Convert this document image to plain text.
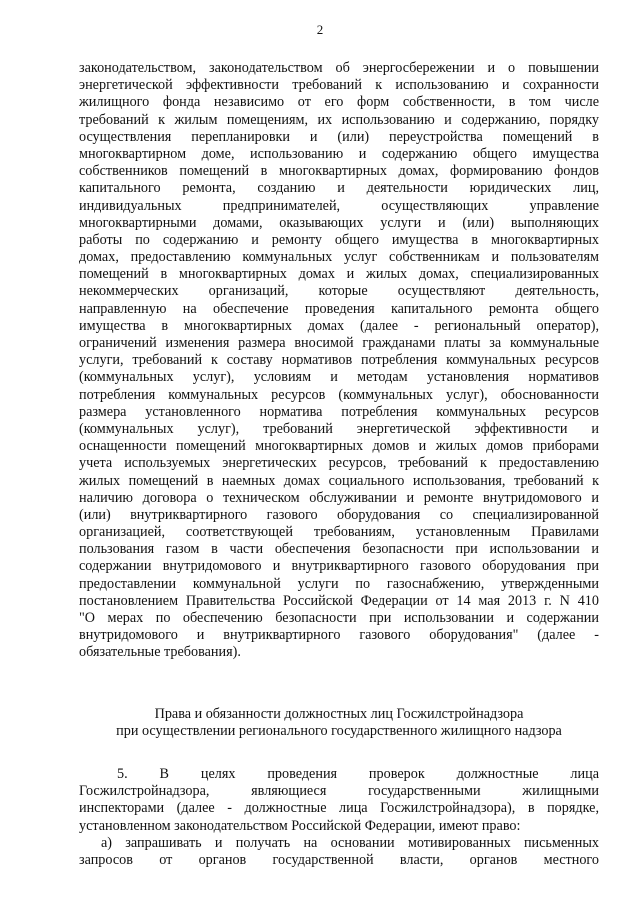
2
законодательством, законодательством об энергосбережении и о повышении
энергетической эффективности требований к использованию и сохранности
жилищного фонда независимо от его форм собственности, в том числе
требований к жилым помещениям, их использованию и содержанию, порядку
осуществления перепланировки и (или) переустройства помещений в
многоквартирном доме, использованию и содержанию общего имущества
собственников помещений в многоквартирных домах, формированию фондов
капитального ремонта, созданию и деятельности юридических лиц,
индивидуальных предпринимателей, осуществляющих управление
многоквартирными домами, оказывающих услуги и (или) выполняющих
работы по содержанию и ремонту общего имущества в многоквартирных
домах, предоставлению коммунальных услуг собственникам и пользователям
помещений в многоквартирных домах и жилых домах, специализированных
некоммерческих организаций, которые осуществляют деятельность,
направленную на обеспечение проведения капитального ремонта общего
имущества в многоквартирных домах (далее - региональный оператор),
ограничений изменения размера вносимой гражданами платы за коммунальные
услуги, требований к составу нормативов потребления коммунальных ресурсов
(коммунальных услуг), условиям и методам установления нормативов
потребления коммунальных ресурсов (коммунальных услуг), обоснованности
размера установленного норматива потребления коммунальных ресурсов
(коммунальных услуг), требований энергетической эффективности и
оснащенности помещений многоквартирных домов и жилых домов приборами
учета используемых энергетических ресурсов, требований к предоставлению
жилых помещений в наемных домах социального использования, требований к
наличию договора о техническом обслуживании и ремонте внутридомового и
(или) внутриквартирного газового оборудования со специализированной
организацией, соответствующей требованиям, установленным Правилами
пользования газом в части обеспечения безопасности при использовании и
содержании внутридомового и внутриквартирного газового оборудования при
предоставлении коммунальной услуги по газоснабжению, утвержденными
постановлением Правительства Российской Федерации от 14 мая 2013 г. N 410
"О мерах по обеспечению безопасности при использовании и содержании
внутридомового и внутриквартирного газового оборудования" (далее -
обязательные требования).
Права и обязанности должностных лиц Госжилстройнадзора
при осуществлении регионального государственного жилищного надзора
5. В целях проведения проверок должностные лица
Госжилстройнадзора, являющиеся государственными жилищными
инспекторами (далее - должностные лица Госжилстройнадзора), в порядке,
установленном законодательством Российской Федерации, имеют право:
а) запрашивать и получать на основании мотивированных письменных
запросов от органов государственной власти, органов местного
